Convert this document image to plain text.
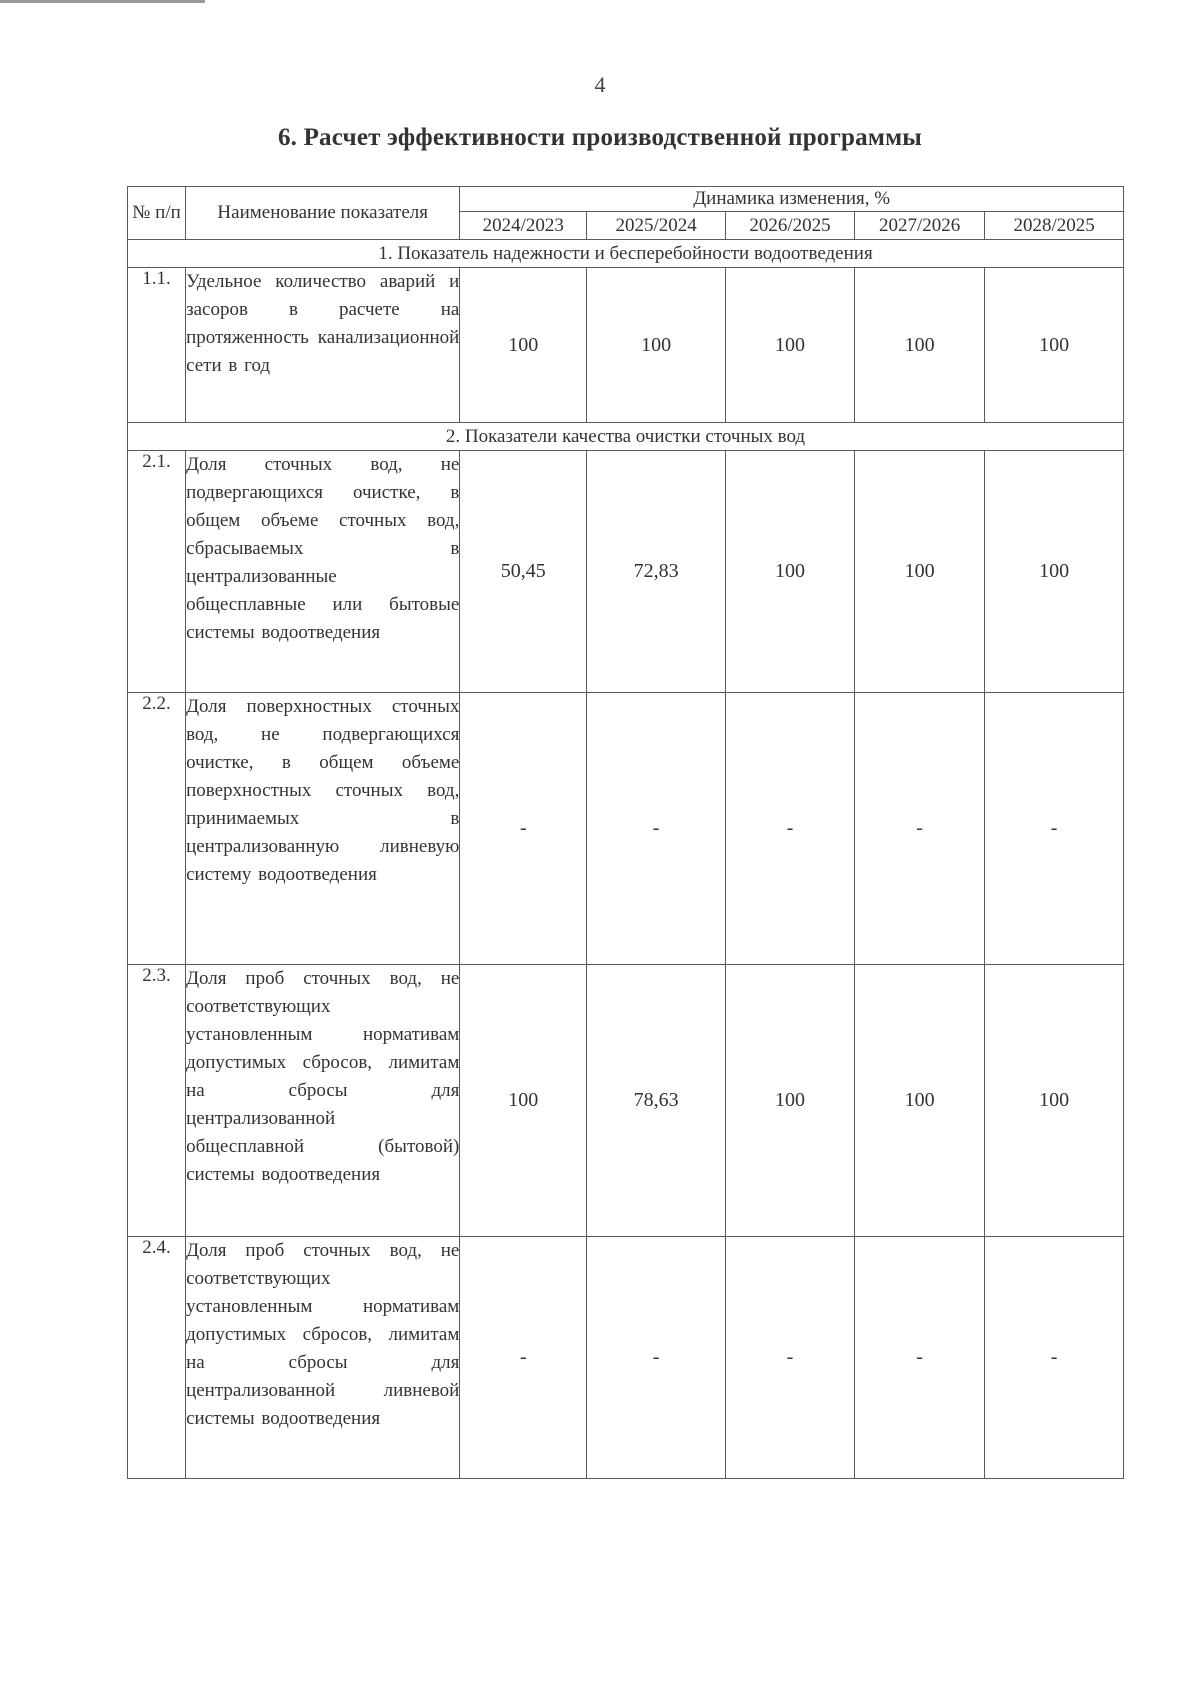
4
6. Расчет эффективности производственной программы
№ п/п	Наименование показателя	Динамика изменения, %				
		2024/2023	2025/2024	2026/2025	2027/2026	2028/2025
1. Показатель надежности и бесперебойности водоотведения						
1.1.	Удельное количество аварий и засоров в расчете на протяженность канализационной сети в год	100	100	100	100	100
2. Показатели качества очистки сточных вод						
2.1.	Доля сточных вод, не подвергающихся очистке, в общем объеме сточных вод, сбрасываемых в централизованные общесплавные или бытовые системы водоотведения	50,45	72,83	100	100	100
2.2.	Доля поверхностных сточных вод, не подвергающихся очистке, в общем объеме поверхностных сточных вод, принимаемых в централизованную ливневую систему водоотведения	-	-	-	-	-
2.3.	Доля проб сточных вод, не соответствующих установленным нормативам допустимых сбросов, лимитам на сбросы для централизованной общесплавной (бытовой) системы водоотведения	100	78,63	100	100	100
2.4.	Доля проб сточных вод, не соответствующих установленным нормативам допустимых сбросов, лимитам на сбросы для централизованной ливневой системы водоотведения	-	-	-	-	-
